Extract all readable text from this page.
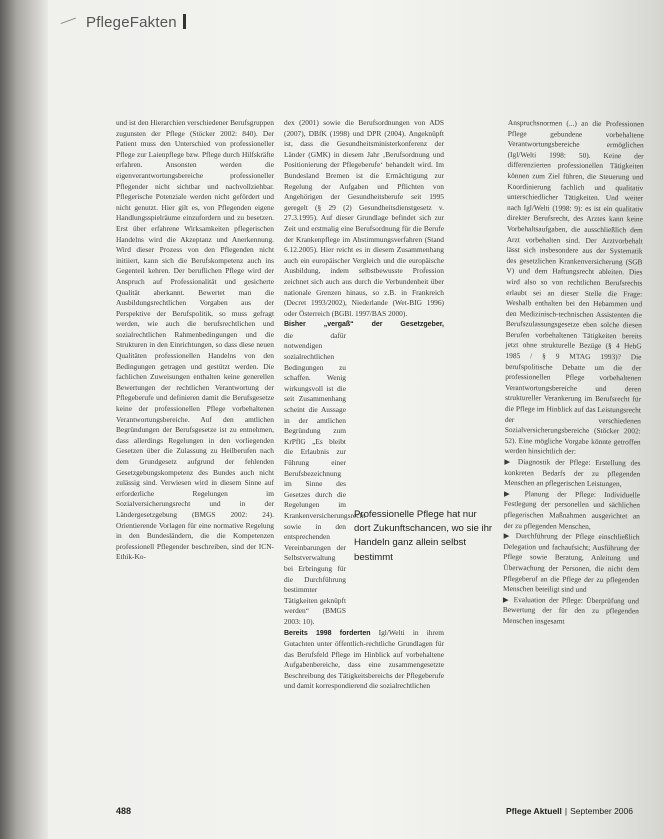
PflegeFakten

und ist den Hierarchien verschiedener Berufsgruppen zugunsten der Pflege (Stöcker 2002: 840). Der Patient muss den Unterschied von professioneller Pflege zur Laienpflege bzw. Pflege durch Hilfskräfte erfahren. Ansonsten werden die eigenverantwortungsbereiche professioneller Pflegender nicht sichtbar und nachvollziehbar. Pflegerische Potenziale werden nicht gefördert und nicht genutzt. Hier gilt es, von Pflegenden eigene Handlungsspielräume einzufordern und zu besetzen. Erst über erfahrene Wirksamkeiten pflegerischen Handelns wird die Akzeptanz und Anerkennung. Wird dieser Prozess von den Pflegenden nicht initiiert, kann sich die Berufskompetenz auch ins Gegenteil kehren. Der beruflichen Pflege wird der Anspruch auf Professionalität und gesicherte Qualität aberkannt. Bewertet man die Ausbildungsrechtlichen Vorgaben aus der Perspektive der Berufspolitik, so muss gefragt werden, wie auch die berufsrechtlichen und sozialrechtlichen Rahmenbedingungen und die Strukturen in den Einrichtungen, so dass diese neuen Qualitäten professionellen Handelns von den Bedingungen getragen und gestützt werden. Die fachlichen Zuweisungen enthalten keine generellen Bewertungen der rechtlichen Verantwortung der Pflegeberufe und definieren damit die Berufsgesetze keine der professionellen Pflege vorbehaltenen Verantwortungsbereiche. Auf den amtlichen Begründungen der Berufsgesetze ist zu entnehmen, dass allerdings Regelungen in den vorliegenden Gesetzen über die Zulassung zu Heilberufen nach dem Grundgesetz aufgrund der fehlenden Gesetzgebungskompetenz des Bundes auch nicht zulässig sind. Verwiesen wird in diesem Sinne auf erforderliche Regelungen im Sozialversicherungsrecht und in der Ländergesetzgebung (BMGS 2002: 24). Orientierende Vorlagen für eine normative Regelung in den Bundesländern, die die Kompetenzen professionell Pflegender beschreiben, sind der ICN-Ethik-Ko-

dex (2001) sowie die Berufsordnungen von ADS (2007), DBfK (1998) und DPR (2004). Angeknüpft ist, dass die Gesundheitsministerkonferenz der Länder (GMK) in diesem Jahr ‚Berufsordnung und Positionierung der Pflegeberufe‘ behandelt wird. Im Bundesland Bremen ist die Ermächtigung zur Regelung der Aufgaben und Pflichten von Angehörigen der Gesundheitsberufe seit 1995 geregelt (§ 29 (2) Gesundheitsdienstgesetz v. 27.3.1995). Auf dieser Grundlage befindet sich zur Zeit und erstmalig eine Berufsordnung für die Berufe der Krankenpflege im Abstimmungsverfahren (Stand 6.12.2005). Hier reicht es in diesem Zusammenhang auch ein europäischer Vergleich und die europäische Ausbildung, indem selbstbewusste Profession zeichnet sich auch aus durch die Verbundenheit über nationale Grenzen hinaus, so z.B. in Frankreich (Decret 1993/2002), Niederlande (Wet-BIG 1996) oder Österreich (BGBl. 1997/BAS 2000).

Bisher „vergaß“ der Gesetzgeber, die dafür notwendigen sozialrechtlichen Bedingungen zu schaffen. Wenig wirkungsvoll ist die seit Zusammenhang scheint die Aussage in der amtlichen Begründung zum KrPflG „Es bleibt die Erlaubnis zur Führung einer Berufsbezeichnung im Sinne des Gesetzes durch die Regelungen im Krankenversicherungsrecht sowie in den entsprechenden Vereinbarungen der Selbstverwaltung bei Erbringung für die Durchführung bestimmter Tätigkeiten geknüpft werden“ (BMGS 2003: 10).

Bereits 1998 forderten Igl/Welti in ihrem Gutachten unter öffentlich-rechtliche Grundlagen für das Berufsfeld Pflege im Hinblick auf vorbehaltene Aufgabenbereiche, dass eine zusammengesetzte Beschreibung des Tätigkeitsbereichs der Pflegeberufe und damit korrespondierend die sozialrechtlichen

Professionelle Pflege hat nur dort Zukunftschancen, wo sie ihr Handeln ganz allein selbst bestimmt

Anspruchsnormen (...) an die Professionen Pflege gebundene vorbehaltene Verantwortungsbereiche ermöglichen (Igl/Welti 1998: 50). Keine der differenzierten professionellen Tätigkeiten können zum Ziel führen, die Steuerung und Koordinierung fachlich und qualitativ unterschiedlicher Tätigkeiten. Und weiter nach Igl/Welti (1998: 9): es ist ein qualitativ direkter Berufsrecht, des Arztes kann keine Vorbehaltsaufgaben, die ausschließlich dem Arzt vorbehalten sind. Der Arztvorbehalt lässt sich insbesondere aus der Systematik des gesetzlichen Krankenversicherung (SGB V) und dem Haftungsrecht ableiten. Dies wird also so von rechtlichen Berufsrechts erlaubt sei an dieser Stelle die Frage: Weshalb enthalten bei den Hebammen und den Medizinisch-technischen Assistenten die Berufszulassungsgesetze eben solche diesen Berufen vorbehaltenen Tätigkeiten bereits jetzt ohne strukturelle Bezüge (§ 4 HebG 1985 / § 9 MTAG 1993)? Die berufspolitische Debatte um die der professionellen Pflege vorbehaltenen Verantwortungsbereiche und deren struktureller Verankerung im Berufsrecht für die Pflege im Hinblick auf das Leistungsrecht der verschiedenen Sozialversicherungsbereiche (Stöcker 2002: 52). Eine mögliche Vorgabe könnte getroffen werden hinsichtlich der:

▶ Diagnostik der Pflege: Erstellung des konkreten Bedarfs der zu pflegenden Menschen an pflegerischen Leistungen,

▶ Planung der Pflege: Individuelle Festlegung der personellen und sächlichen pflegerischen Maßnahmen ausgerichtet an der zu pflegenden Menschen,

▶ Durchführung der Pflege einschließlich Delegation und fachaufsicht; Ausführung der Pflege sowie Beratung, Anleitung und Überwachung der Personen, die nicht dem Pflegeberuf an die Pflege der zu pflegenden Menschen beteiligt sind und

▶ Evaluation der Pflege: Überprüfung und Bewertung der für den zu pflegenden Menschen insgesamt

488	Pflege Aktuell | September 2006
